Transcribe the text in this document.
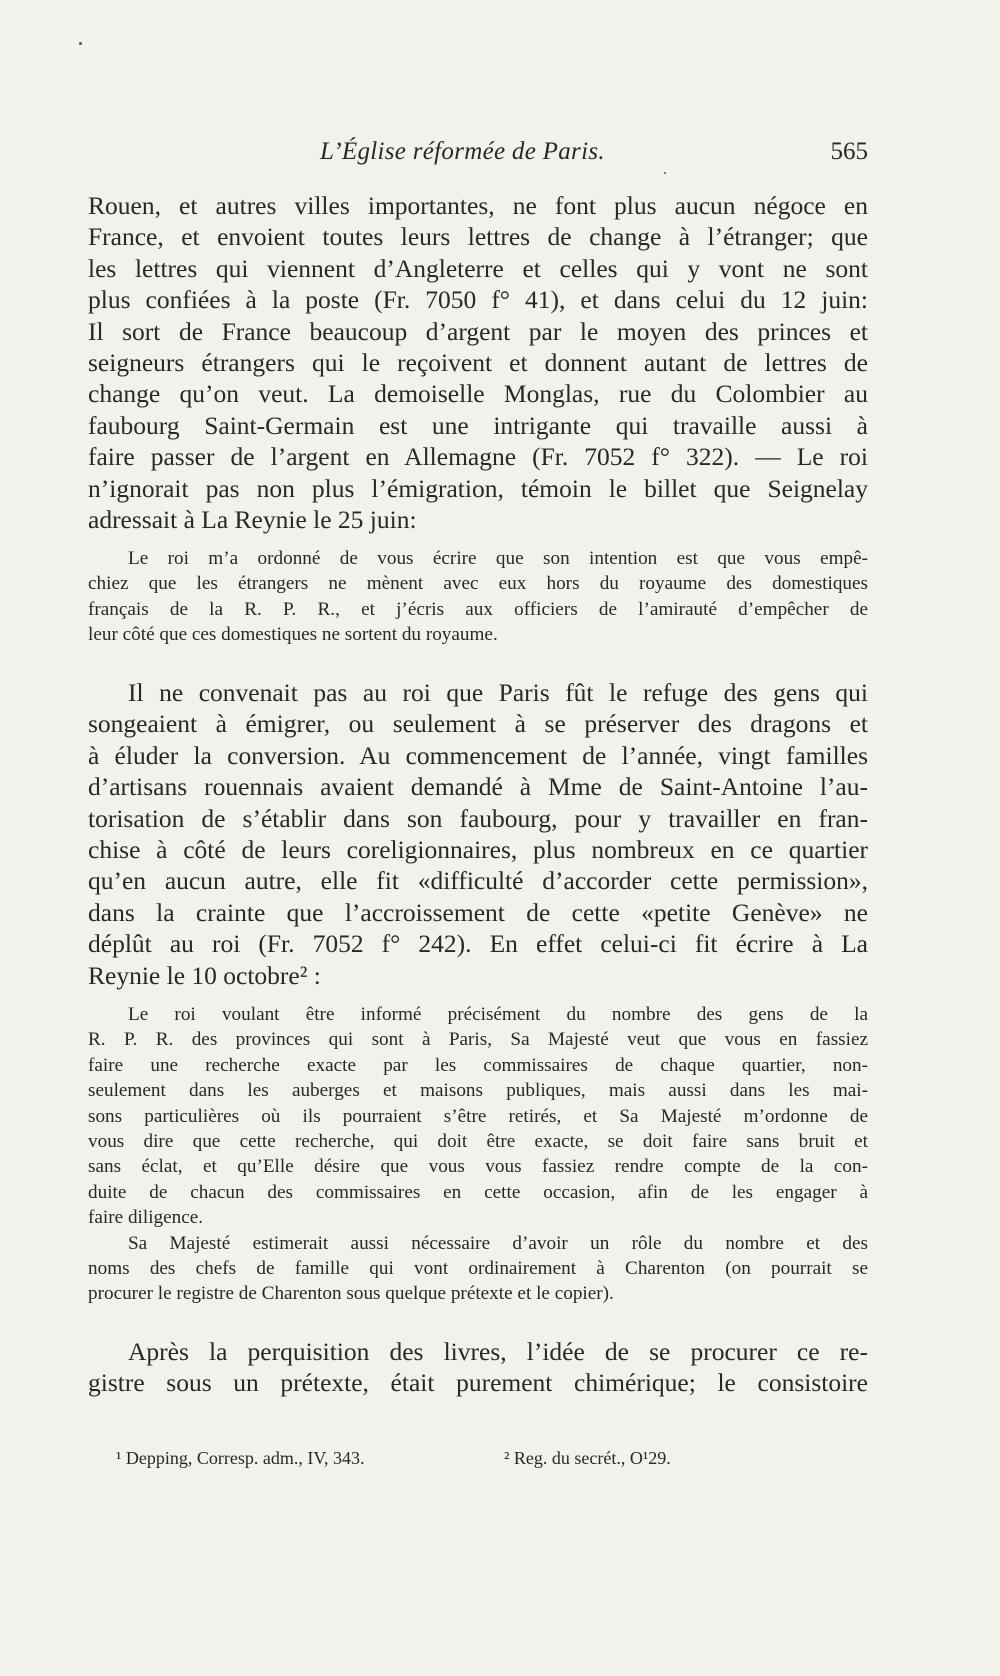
L’Église réformée de Paris.	565
Rouen, et autres villes importantes, ne font plus aucun négoce en
France, et envoient toutes leurs lettres de change à l’étranger; que
les lettres qui viennent d’Angleterre et celles qui y vont ne sont
plus confiées à la poste (Fr. 7050 f° 41), et dans celui du 12 juin:
Il sort de France beaucoup d’argent par le moyen des princes et
seigneurs étrangers qui le reçoivent et donnent autant de lettres de
change qu’on veut. La demoiselle Monglas, rue du Colombier au
faubourg Saint-Germain est une intrigante qui travaille aussi à
faire passer de l’argent en Allemagne (Fr. 7052 f° 322). — Le roi
n’ignorait pas non plus l’émigration, témoin le billet que Seignelay
adressait à La Reynie le 25 juin:
Le roi m’a ordonné de vous écrire que son intention est que vous empê-
chiez que les étrangers ne mènent avec eux hors du royaume des domestiques
français de la R. P. R., et j’écris aux officiers de l’amirauté d’empêcher de
leur côté que ces domestiques ne sortent du royaume.
Il ne convenait pas au roi que Paris fût le refuge des gens qui
songeaient à émigrer, ou seulement à se préserver des dragons et
à éluder la conversion. Au commencement de l’année, vingt familles
d’artisans rouennais avaient demandé à Mme de Saint-Antoine l’au-
torisation de s’établir dans son faubourg, pour y travailler en fran-
chise à côté de leurs coreligionnaires, plus nombreux en ce quartier
qu’en aucun autre, elle fit «difficulté d’accorder cette permission»,
dans la crainte que l’accroissement de cette «petite Genève» ne
déplût au roi (Fr. 7052 f° 242). En effet celui-ci fit écrire à La
Reynie le 10 octobre² :
Le roi voulant être informé précisément du nombre des gens de la
R. P. R. des provinces qui sont à Paris, Sa Majesté veut que vous en fassiez
faire une recherche exacte par les commissaires de chaque quartier, non-
seulement dans les auberges et maisons publiques, mais aussi dans les mai-
sons particulières où ils pourraient s’être retirés, et Sa Majesté m’ordonne de
vous dire que cette recherche, qui doit être exacte, se doit faire sans bruit et
sans éclat, et qu’Elle désire que vous vous fassiez rendre compte de la con-
duite de chacun des commissaires en cette occasion, afin de les engager à
faire diligence.
Sa Majesté estimerait aussi nécessaire d’avoir un rôle du nombre et des
noms des chefs de famille qui vont ordinairement à Charenton (on pourrait se
procurer le registre de Charenton sous quelque prétexte et le copier).
Après la perquisition des livres, l’idée de se procurer ce re-
gistre sous un prétexte, était purement chimérique; le consistoire
¹ Depping, Corresp. adm., IV, 343.	² Reg. du secrét., O¹29.
